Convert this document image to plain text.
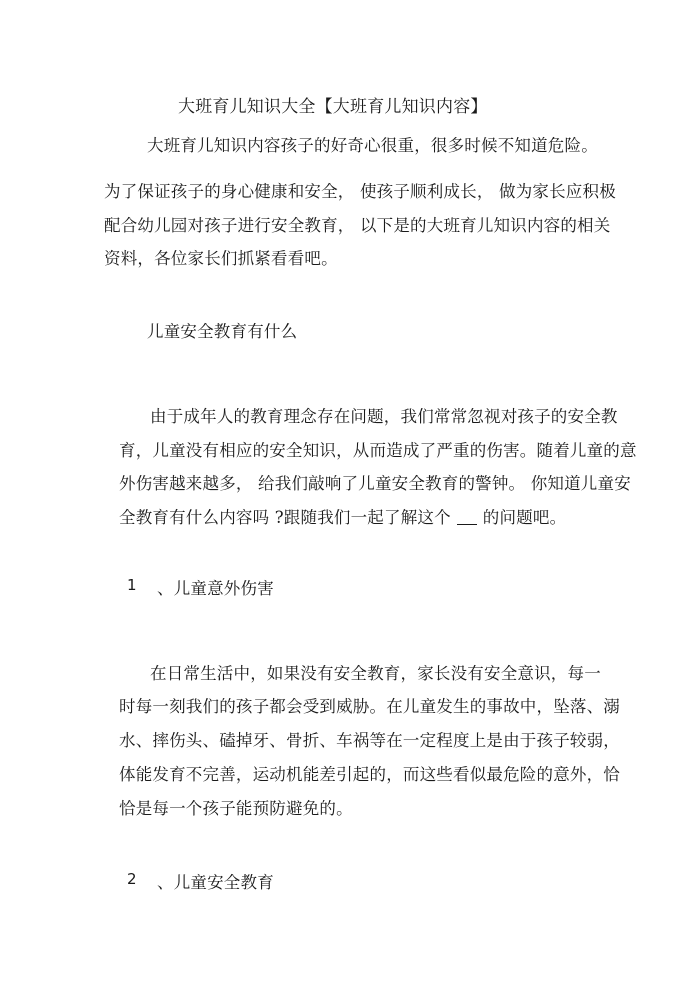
大班育儿知识大全【大班育儿知识内容】
大班育儿知识内容孩子的好奇心很重，很多时候不知道危险。
为了保证孩子的身心健康和安全， 使孩子顺利成长， 做为家长应积极
配合幼儿园对孩子进行安全教育， 以下是的大班育儿知识内容的相关
资料，各位家长们抓紧看看吧。
儿童安全教育有什么
由于成年人的教育理念存在问题，我们常常忽视对孩子的安全教
育，儿童没有相应的安全知识，从而造成了严重的伤害。随着儿童的意
外伤害越来越多， 给我们敲响了儿童安全教育的警钟。 你知道儿童安
全教育有什么内容吗 ?跟随我们一起了解这个 的问题吧。
1 、儿童意外伤害
在日常生活中，如果没有安全教育，家长没有安全意识，每一
时每一刻我们的孩子都会受到威胁。在儿童发生的事故中，坠落、溺
水、摔伤头、磕掉牙、骨折、车祸等在一定程度上是由于孩子较弱，
体能发育不完善，运动机能差引起的，而这些看似最危险的意外，恰
恰是每一个孩子能预防避免的。
2 、儿童安全教育
